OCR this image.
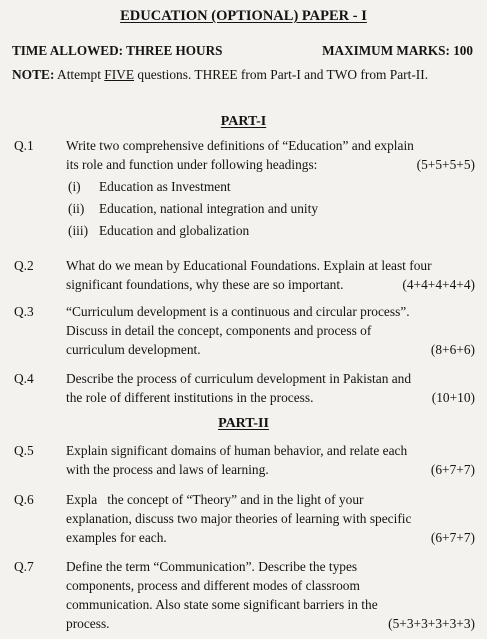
EDUCATION (OPTIONAL) PAPER - I
TIME ALLOWED: THREE HOURS	MAXIMUM MARKS: 100
NOTE: Attempt FIVE questions. THREE from Part-I and TWO from Part-II.
PART-I
Q.1	Write two comprehensive definitions of “Education” and explain
its role and function under following headings:	(5+5+5+5)
(i)	Education as Investment
(ii)	Education, national integration and unity
(iii) Education and globalization
Q.2	What do we mean by Educational Foundations. Explain at least four
significant foundations, why these are so important.	(4+4+4+4+4)
Q.3	“Curriculum development is a continuous and circular process”.
Discuss in detail the concept, components and process of
curriculum development.	(8+6+6)
Q.4	Describe the process of curriculum development in Pakistan and
the role of different institutions in the process.	(10+10)
PART-II
Q.5	Explain significant domains of human behavior, and relate each
with the process and laws of learning.	(6+7+7)
Q.6	Expla   the concept of “Theory” and in the light of your
explanation, discuss two major theories of learning with specific
examples for each.	(6+7+7)
Q.7	Define the term “Communication”. Describe the types
components, process and different modes of classroom
communication. Also state some significant barriers in the
process.	(5+3+3+3+3+3)
